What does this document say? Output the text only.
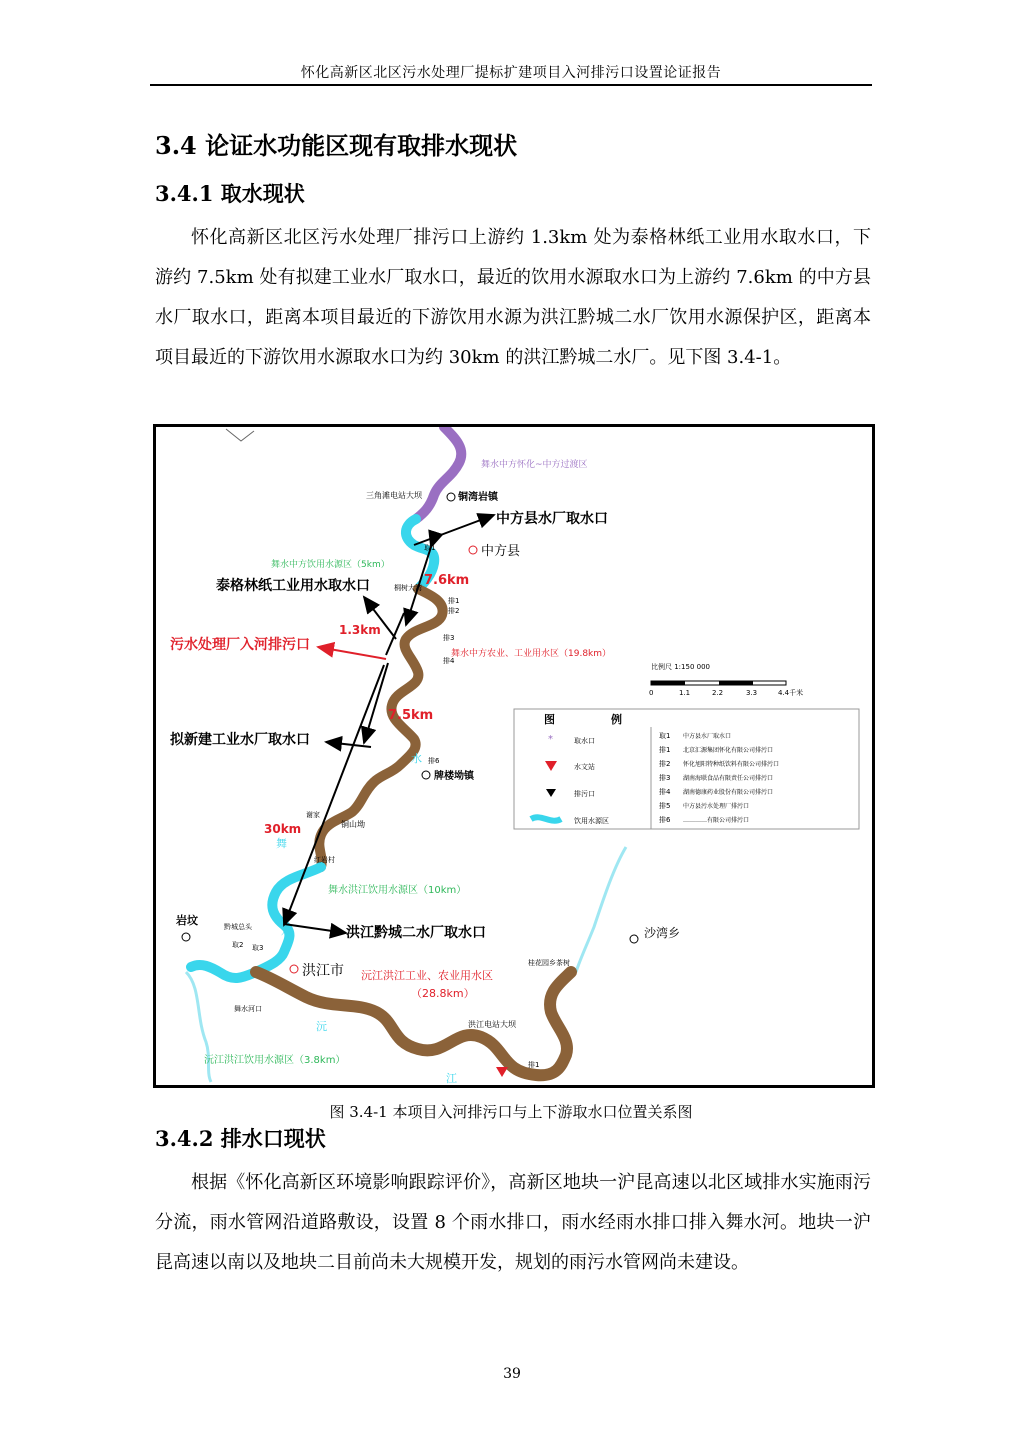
怀化高新区北区污水处理厂提标扩建项目入河排污口设置论证报告
3.4 论证水功能区现有取排水现状
3.4.1 取水现状
怀化高新区北区污水处理厂排污口上游约 1.3km 处为泰格林纸工业用水取水口，下游约 7.5km 处有拟建工业水厂取水口，最近的饮用水源取水口为上游约 7.6km 的中方县水厂取水口，距离本项目最近的下游饮用水源为洪江黔城二水厂饮用水源保护区，距离本项目最近的下游饮用水源取水口为约 30km 的洪江黔城二水厂。见下图 3.4-1。
舞水中方怀化~中方过渡区
三角滩电站大坝	铜湾岩镇
中方县水厂取水口
中方县
舞水中方饮用水源区（5km）
7.6km
泰格林纸工业用水取水口
1.3km
污水处理厂入河排污口
舞水中方农业、工业用水区（19.8km）
7.5km
拟新建工业水厂取水口
牌楼坳镇
30km
舞水洪江饮用水源区（10km）
洪江黔城二水厂取水口
岩坟
洪江市 沅江洪江工业、农业用水区
（28.8km）
沙湾乡
沅江洪江饮用水源区（3.8km）
洪江电站大坝
水
舞
水
沅
江
取1
桐树大湾
排1
排2
排3
排4
排6
谢家
铜山坳
红岩村
黔城总头
取2 取3
舞水河口
桂花园乡茶树
排1
比例尺 1:150 000
0	1.1	2.2	3.3	4.4千米
图	例
*	取水口
水文站
排污口
饮用水源区
取1 中方县水厂取水口
排1 北京汇源集团怀化有限公司排污口
排2 怀化旭阳特种纸饮料有限公司排污口
排3 湖南海联食品有限责任公司排污口
排4 湖南德康药业股份有限公司排污口
排5 中方县污水处理厂排污口
排6 …………有限公司排污口
图 3.4-1 本项目入河排污口与上下游取水口位置关系图
3.4.2 排水口现状
根据《怀化高新区环境影响跟踪评价》，高新区地块一沪昆高速以北区域排水实施雨污分流，雨水管网沿道路敷设，设置 8 个雨水排口，雨水经雨水排口排入舞水河。地块一沪昆高速以南以及地块二目前尚未大规模开发，规划的雨污水管网尚未建设。
39
